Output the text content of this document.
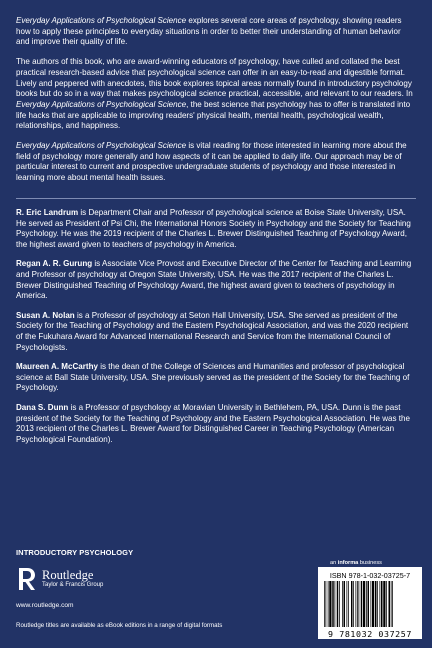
Everyday Applications of Psychological Science explores several core areas of psychology, showing readers how to apply these principles to everyday situations in order to better their understanding of human behavior and improve their quality of life.

The authors of this book, who are award-winning educators of psychology, have culled and collated the best practical research-based advice that psychological science can offer in an easy-to-read and digestible format. Lively and peppered with anecdotes, this book explores topical areas normally found in introductory psychology books but do so in a way that makes psychological science practical, accessible, and relevant to our readers. In Everyday Applications of Psychological Science, the best science that psychology has to offer is translated into life hacks that are applicable to improving readers' physical health, mental health, psychological wealth, relationships, and happiness.

Everyday Applications of Psychological Science is vital reading for those interested in learning more about the field of psychology more generally and how aspects of it can be applied to daily life. Our approach may be of particular interest to current and prospective undergraduate students of psychology and those interested in learning more about mental health issues.

R. Eric Landrum is Department Chair and Professor of psychological science at Boise State University, USA. He served as President of Psi Chi, the International Honors Society in Psychology and the Society for Teaching Psychology. He was the 2019 recipient of the Charles L. Brewer Distinguished Teaching of Psychology Award, the highest award given to teachers of psychology in America.

Regan A. R. Gurung is Associate Vice Provost and Executive Director of the Center for Teaching and Learning and Professor of psychology at Oregon State University, USA. He was the 2017 recipient of the Charles L. Brewer Distinguished Teaching of Psychology Award, the highest award given to teachers of psychology in America.

Susan A. Nolan is a Professor of psychology at Seton Hall University, USA. She served as president of the Society for the Teaching of Psychology and the Eastern Psychological Association, and was the 2020 recipient of the Fukuhara Award for Advanced International Research and Service from the International Council of Psychologists.

Maureen A. McCarthy is the dean of the College of Sciences and Humanities and professor of psychological science at Ball State University, USA. She previously served as the president of the Society for the Teaching of Psychology.

Dana S. Dunn is a Professor of psychology at Moravian University in Bethlehem, PA, USA. Dunn is the past president of the Society for the Teaching of Psychology and the Eastern Psychological Association. He was the 2013 recipient of the Charles L. Brewer Award for Distinguished Career in Teaching Psychology (American Psychological Foundation).

INTRODUCTORY PSYCHOLOGY
Routledge
Taylor & Francis Group
www.routledge.com
Routledge titles are available as eBook editions in a range of digital formats
an informa business
ISBN 978-1-032-03725-7
9 781032 037257
